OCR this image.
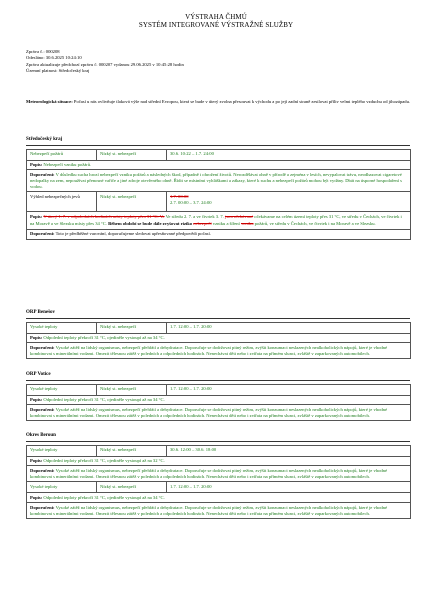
VÝSTRAHA ČHMÚ
SYSTÉM INTEGROVANÉ VÝSTRAŽNÉ SLUŽBY
Zpráva č.: 000208
Odesláno: 30.6.2025 10:24:10
Zpráva aktualizuje předchozí zprávu č. 000207 vydanou 29.06.2025 v 10:45:28 hodin
Územní platnost: Středočeský kraj
Meteorologická situace: Počasí u nás ovlivňuje tlaková výše nad střední Evropou, která se bude v úterý zvolna přesouvat k východu a po její zadní straně zesilovat příliv velmi teplého vzduchu od jihozápadu.
Středočeský kraj
Nebezpečí požárů	Nízký st. nebezpečí	30.6. 10:22 – 1.7. 24:00
Popis: Nebezpečí vzniku požárů.		
Doporučení: V důsledku sucha hrozí nebezpečí vzniku požárů a následných škod, případně i ohrožení životů. Nerozdělávat ohně v přírodě a zejména v lesích, nevypalovat trávu, neodhazovat cigaretové nedopalky na zem, nepoužívat přenosné vařiče a jiné zdroje otevřeného ohně. Řídit se místními vyhláškami a zákazy, které k suchu a nebezpečí požárů mohou být vydány. Dbát na úsporné hospodaření s vodou.		
Výhled nebezpečných jevů	Nízký st. nebezpečí	1.7. 00:00
2.7. 00:00 – 3.7. 24:00
Popis: V úterý 1. 7. v odpoledních hodinách místy teploty přes 31 °C. Ve Ve středu 2. 7. a ve čtvrtek 3. 7. jsou očekávané očekávame na celém území teploty přes 31 °C, ve středu v Čechách, ve čtvrtek i na Moravě a ve Slezsku místy přes 34 °C. Během období se bude dále zvyšovat riziko nebezpečí vzniku a šíření vzniku požárů, ve středu v Čechách, ve čtvrtek i na Moravě a ve Slezsku.		
Doporučení: Toto je předběžné varování, doporučujeme sledovat upřesňované předpovědi počasí.		
ORP Benešov
Vysoké teploty	Nízký st. nebezpečí	1.7. 12:00 – 1.7. 20:00
Popis: Odpolední teploty překročí 31 °C, ojediněle vystoupí až na 34 °C.
Doporučení: Vysoké zátěž na lidský organismus, nebezpečí přehřátí a dehydratace. Doporučuje se dodržovat pitný režim, zvýšit konzumaci neslazených nealkoholických nápojů, které je vhodné kombinovat s minerálními vodami. Omezit tělesnou zátěž v poledních a odpoledních hodinách. Nenechávat děti nebo i zvířata na přímém slunci, zvláště v zaparkovaných automobilech.
ORP Votice
Vysoké teploty	Nízký st. nebezpečí	1.7. 12:00 – 1.7. 20:00
Popis: Odpolední teploty překročí 31 °C, ojediněle vystoupí až na 34 °C.
Doporučení: Vysoké zátěž na lidský organismus, nebezpečí přehřátí a dehydratace. Doporučuje se dodržovat pitný režim, zvýšit konzumaci neslazených nealkoholických nápojů, které je vhodné kombinovat s minerálními vodami. Omezit tělesnou zátěž v poledních a odpoledních hodinách. Nenechávat děti nebo i zvířata na přímém slunci, zvláště v zaparkovaných automobilech.
Okres Beroun
Vysoké teploty	Nízký st. nebezpečí	30.6. 12:00 – 30.6. 18:00
Popis: Odpolední teploty překročí 31 °C, ojediněle vystoupí až na 32 °C.		
Doporučení: Vysoké zátěž na lidský organismus, nebezpečí přehřátí a dehydratace. Doporučuje se dodržovat pitný režim, zvýšit konzumaci neslazených nealkoholických nápojů, které je vhodné kombinovat s minerálními vodami. Omezit tělesnou zátěž v poledních a odpoledních hodinách. Nenechávat děti nebo i zvířata na přímém slunci, zvláště v zaparkovaných automobilech.		
Vysoké teploty	Nízký st. nebezpečí	1.7. 12:00 – 1.7. 20:00
Popis: Odpolední teploty překročí 31 °C, ojediněle vystoupí až na 34 °C.		
Doporučení: Vysoké zátěž na lidský organismus, nebezpečí přehřátí a dehydratace. Doporučuje se dodržovat pitný režim, zvýšit konzumaci neslazených nealkoholických nápojů, které je vhodné kombinovat s minerálními vodami. Omezit tělesnou zátěž v poledních a odpoledních hodinách. Nenechávat děti nebo i zvířata na přímém slunci, zvláště v zaparkovaných automobilech.		
